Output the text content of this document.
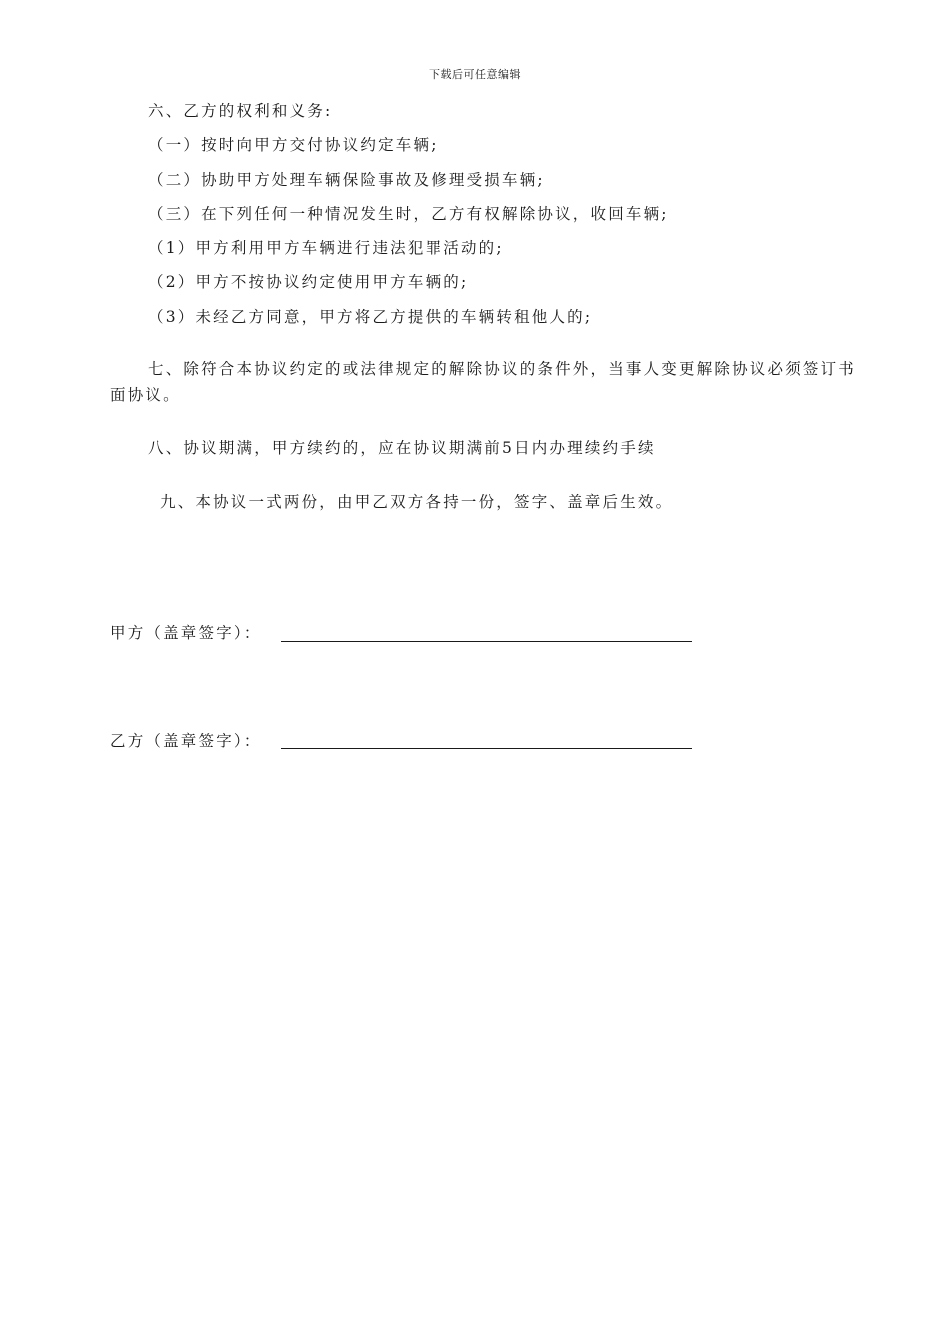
下载后可任意编辑
六、乙方的权利和义务:
（一）按时向甲方交付协议约定车辆;
（二）协助甲方处理车辆保险事故及修理受损车辆;
（三）在下列任何一种情况发生时，乙方有权解除协议，收回车辆;
（1）甲方利用甲方车辆进行违法犯罪活动的;
（2）甲方不按协议约定使用甲方车辆的;
（3）未经乙方同意，甲方将乙方提供的车辆转租他人的;
七、除符合本协议约定的或法律规定的解除协议的条件外，当事人变更解除协议必须签订书面协议。
八、协议期满，甲方续约的，应在协议期满前5日内办理续约手续
九、本协议一式两份，由甲乙双方各持一份，签字、盖章后生效。
甲方（盖章签字）：
乙方（盖章签字）：
